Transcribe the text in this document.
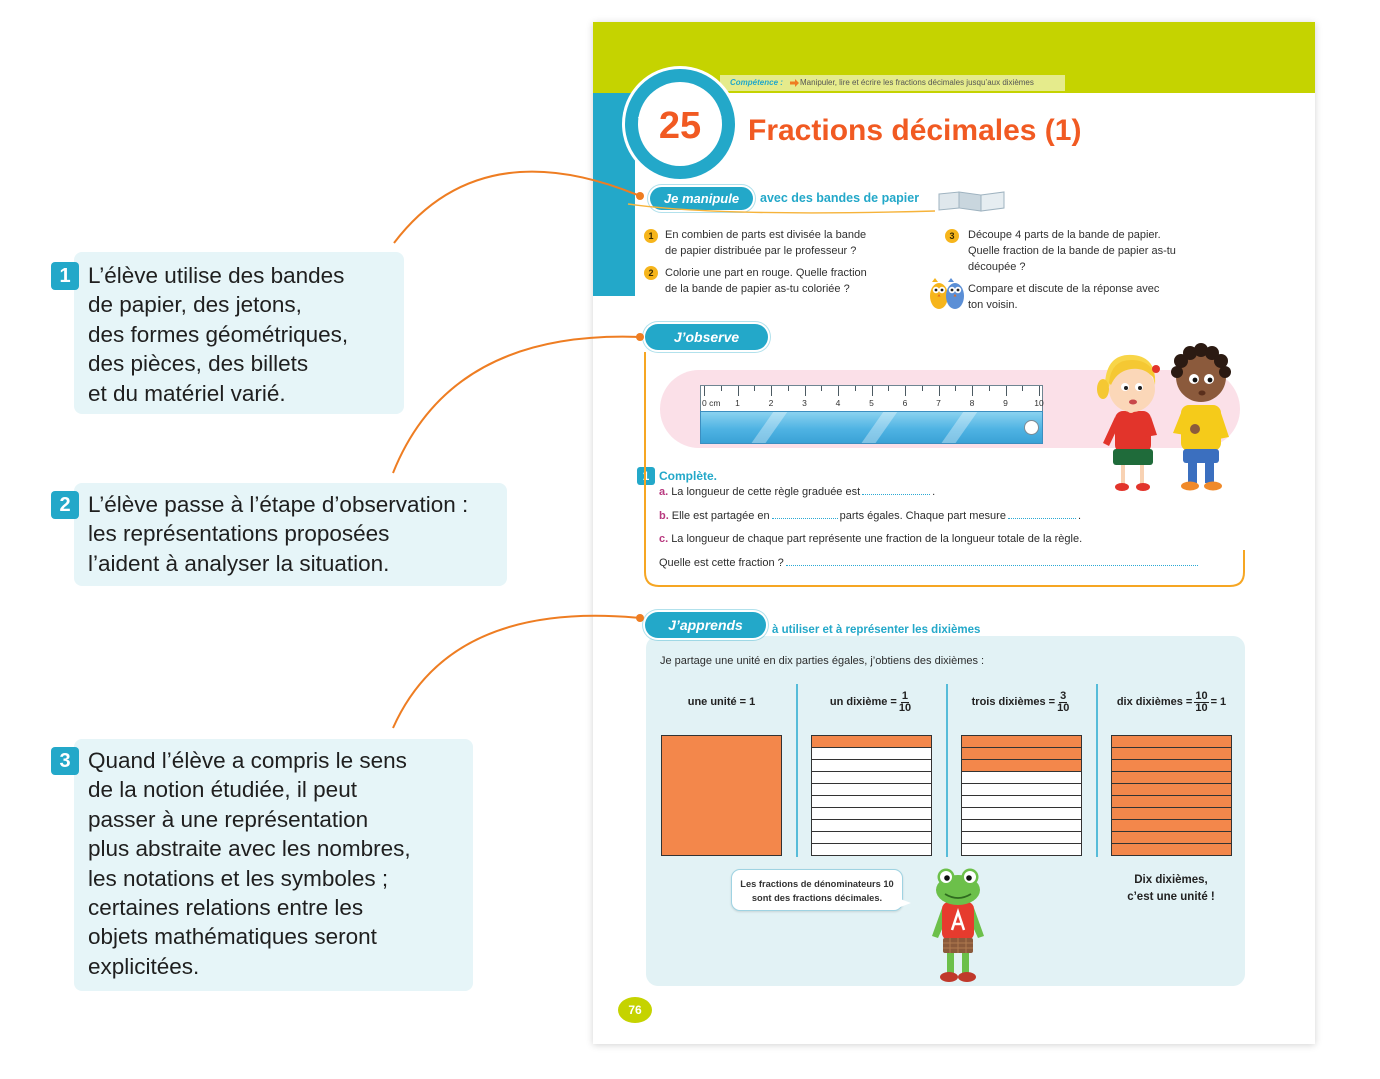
1 L’élève utilise des bandes
de papier, des jetons,
des formes géométriques,
des pièces, des billets
et du matériel varié.
2 L’élève passe à l’étape d’observation :
les représentations proposées
l’aident à analyser la situation.
3 Quand l’élève a compris le sens
de la notion étudiée, il peut
passer à une représentation
plus abstraite avec les nombres,
les notations et les symboles ;
certaines relations entre les
objets mathématiques seront
explicitées.
Compétence : Manipuler, lire et écrire les fractions décimales jusqu’aux dixièmes
NOMBRES ET CALCULS
25 Fractions décimales (1)
Je manipule	avec des bandes de papier
1	En combien de parts est divisée la bande
de papier distribuée par le professeur ?
2	Colorie une part en rouge. Quelle fraction
de la bande de papier as-tu coloriée ?
3	Découpe 4 parts de la bande de papier.
Quelle fraction de la bande de papier as-tu
découpée ?
Compare et discute de la réponse avec
ton voisin.
J’observe
0 cm 1	2	3	4	5	6	7	8	9	10
1 Complète.
a. La longueur de cette règle graduée est	.
b. Elle est partagée en	parts égales. Chaque part mesure	.
c. La longueur de chaque part représente une fraction de la longueur totale de la règle.
Quelle est cette fraction ?
J’apprends	à utiliser et à représenter les dixièmes
Je partage une unité en dix parties égales, j’obtiens des dixièmes :
une unité = 1	un dixième = $\frac{1}{10}$	trois dixièmes = $\frac{3}{10}$	dix dixièmes = $\frac{10}{10} = 1$
Les fractions de dénominateurs 10
sont des fractions décimales.
Dix dixièmes,
c’est une unité !
76
